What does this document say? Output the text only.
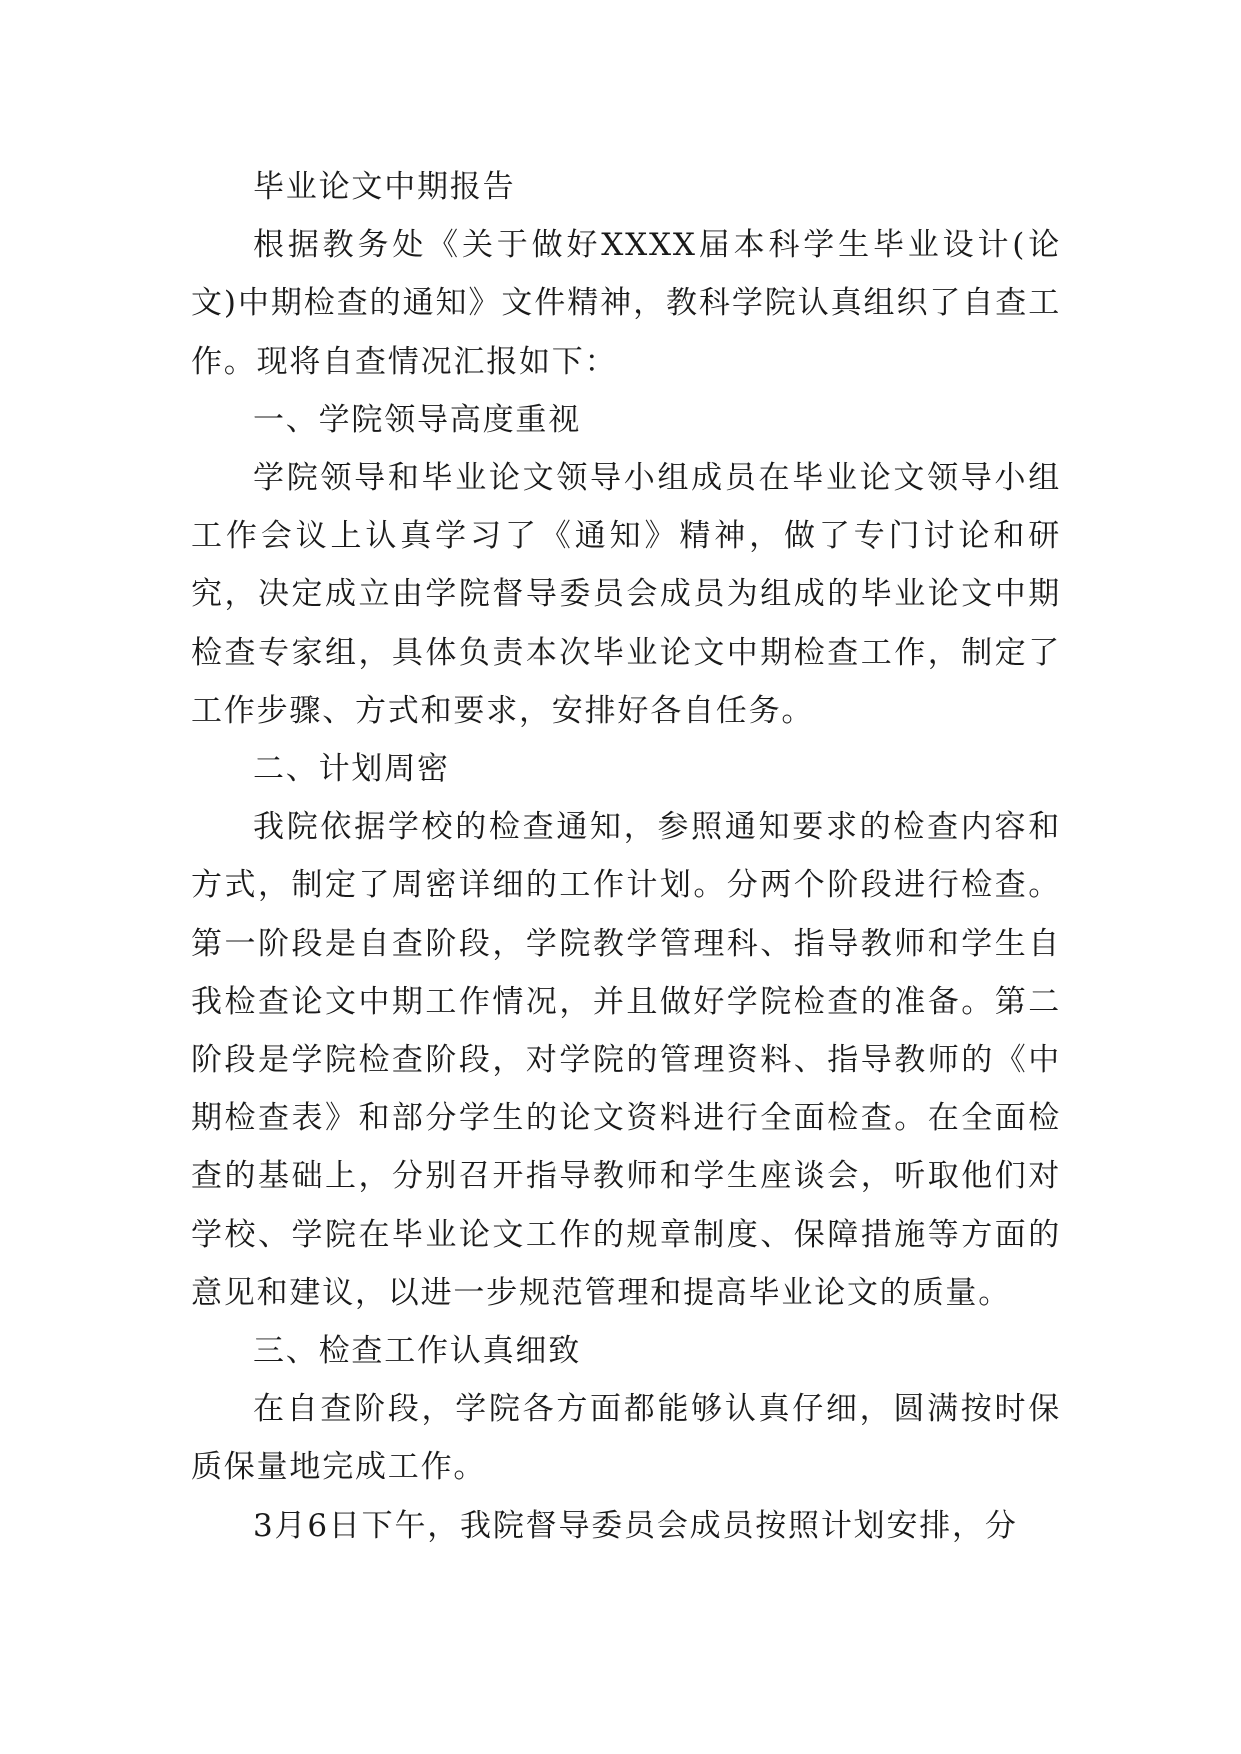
毕业论文中期报告

根据教务处《关于做好XXXX届本科学生毕业设计(论文)中期检查的通知》文件精神，教科学院认真组织了自查工作。现将自查情况汇报如下：

一、学院领导高度重视

学院领导和毕业论文领导小组成员在毕业论文领导小组工作会议上认真学习了《通知》精神，做了专门讨论和研究，决定成立由学院督导委员会成员为组成的毕业论文中期检查专家组，具体负责本次毕业论文中期检查工作，制定了工作步骤、方式和要求，安排好各自任务。

二、计划周密

我院依据学校的检查通知，参照通知要求的检查内容和方式，制定了周密详细的工作计划。分两个阶段进行检查。第一阶段是自查阶段，学院教学管理科、指导教师和学生自我检查论文中期工作情况，并且做好学院检查的准备。第二阶段是学院检查阶段，对学院的管理资料、指导教师的《中期检查表》和部分学生的论文资料进行全面检查。在全面检查的基础上，分别召开指导教师和学生座谈会，听取他们对学校、学院在毕业论文工作的规章制度、保障措施等方面的意见和建议，以进一步规范管理和提高毕业论文的质量。

三、检查工作认真细致

在自查阶段，学院各方面都能够认真仔细，圆满按时保质保量地完成工作。

3月6日下午，我院督导委员会成员按照计划安排，分
